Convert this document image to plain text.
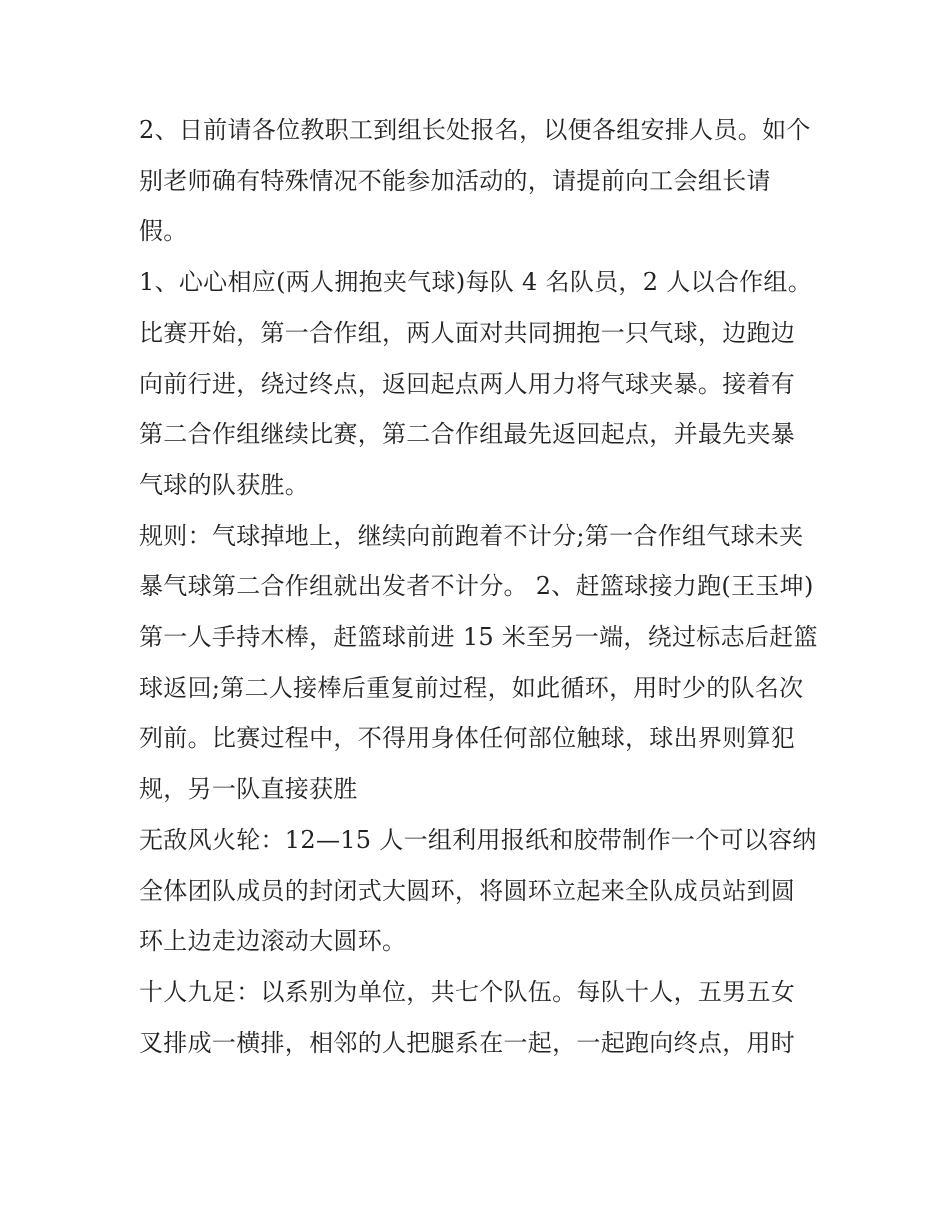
2、日前请各位教职工到组长处报名，以便各组安排人员。如个别老师确有特殊情况不能参加活动的，请提前向工会组长请假。

1、心心相应(两人拥抱夹气球)每队 4 名队员，2 人以合作组。比赛开始，第一合作组，两人面对共同拥抱一只气球，边跑边向前行进，绕过终点，返回起点两人用力将气球夹暴。接着有第二合作组继续比赛，第二合作组最先返回起点，并最先夹暴气球的队获胜。

规则：气球掉地上，继续向前跑着不计分;第一合作组气球未夹暴气球第二合作组就出发者不计分。 2、赶篮球接力跑(王玉坤)

第一人手持木棒，赶篮球前进 15 米至另一端，绕过标志后赶篮球返回;第二人接棒后重复前过程，如此循环，用时少的队名次列前。比赛过程中，不得用身体任何部位触球，球出界则算犯规，另一队直接获胜

无敌风火轮：12—15 人一组利用报纸和胶带制作一个可以容纳全体团队成员的封闭式大圆环，将圆环立起来全队成员站到圆环上边走边滚动大圆环。

十人九足：以系别为单位，共七个队伍。每队十人，五男五女叉排成一横排，相邻的人把腿系在一起，一起跑向终点，用时
